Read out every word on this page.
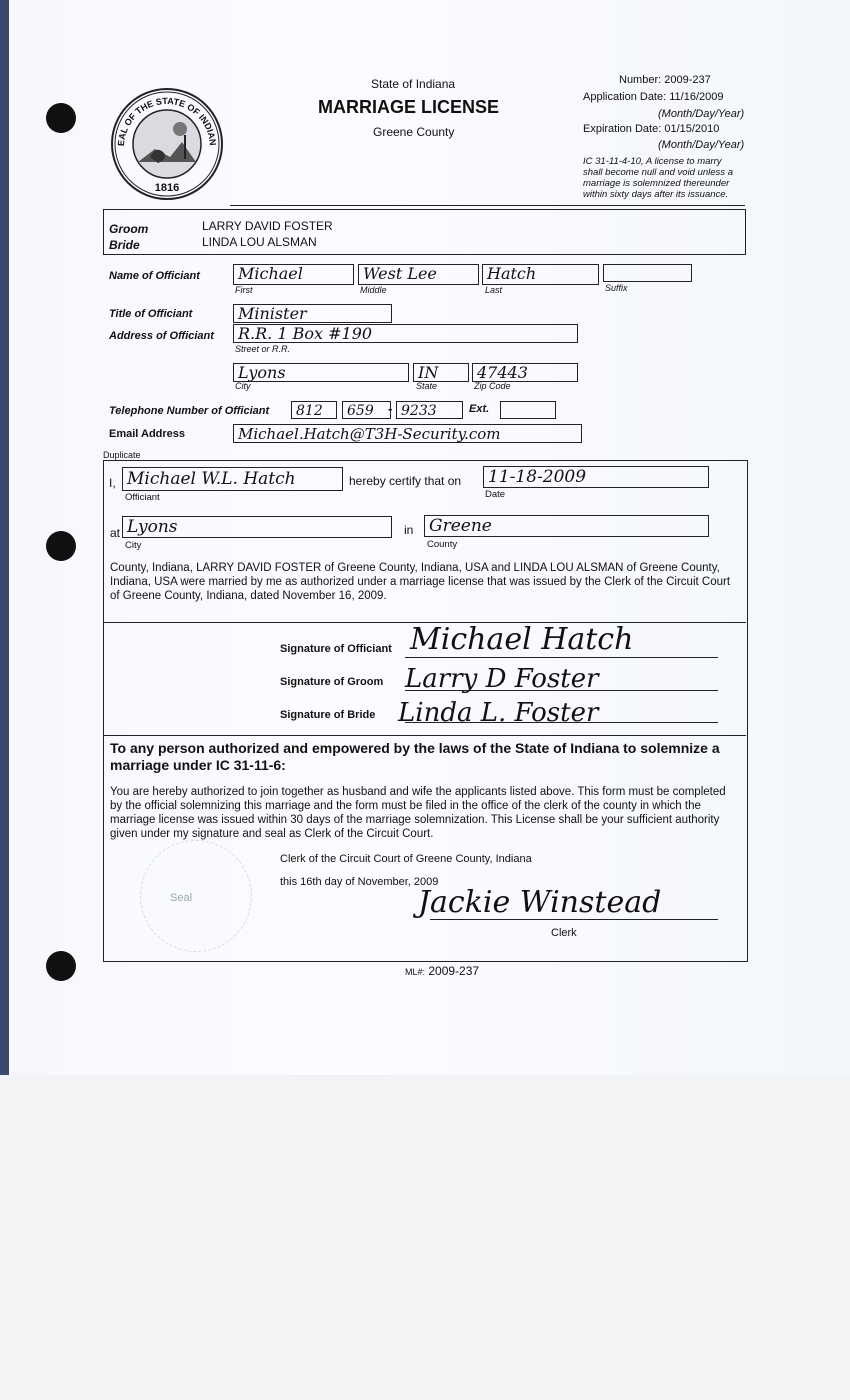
EAL OF THE STATE OF INDIAN
1816
State of Indiana
MARRIAGE LICENSE
Greene County
Number: 2009-237
Application Date: 11/16/2009
(Month/Day/Year)
Expiration Date: 01/15/2010
(Month/Day/Year)
IC 31-11-4-10, A license to marry shall become null and void unless a marriage is solemnized thereunder within sixty days after its issuance.
Groom	LARRY DAVID FOSTER
Bride	LINDA LOU ALSMAN
Name of Officiant	Michael
First
West Lee
Middle
Hatch
Last	Suffix
Title of Officiant	Minister
Address of Officiant	R.R. 1 Box #190
Street or R.R.
Lyons
City
IN
State
47443
Zip Code
Telephone Number of Officiant	812	659	- 9233	Ext.
Email Address	Michael.Hatch@T3H-Security.com
Duplicate
I, Michael W.L. Hatch
Officiant
hereby certify that on 11-18-2009
Date
at Lyons
City
in Greene
County
County, Indiana, LARRY DAVID FOSTER of Greene County, Indiana, USA and LINDA LOU ALSMAN of Greene County, Indiana, USA were married by me as authorized under a marriage license that was issued by the Clerk of the Circuit Court of Greene County, Indiana, dated November 16, 2009.
Signature of Officiant Michael Hatch
Signature of Groom Larry D Foster
Signature of Bride Linda L. Foster
To any person authorized and empowered by the laws of the State of Indiana to solemnize a marriage under IC 31-11-6:
You are hereby authorized to join together as husband and wife the applicants listed above. This form must be completed by the official solemnizing this marriage and the form must be filed in the office of the clerk of the county in which the marriage license was issued within 30 days of the marriage solemnization. This License shall be your sufficient authority given under my signature and seal as Clerk of the Circuit Court.
Clerk of the Circuit Court of Greene County, Indiana
this 16th day of November, 2009
Seal	Jackie Winstead
Clerk
ML#: 2009-237
